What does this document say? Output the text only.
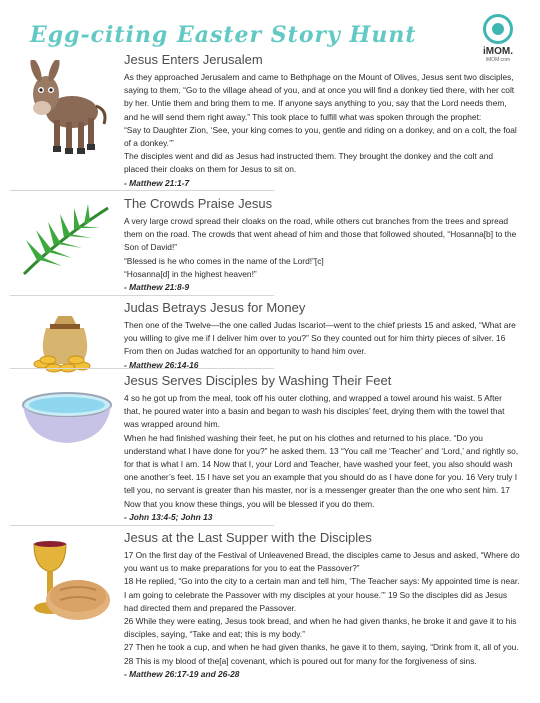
Egg-citing Easter Story Hunt
iMOM.
iMOM.com
Jesus Enters Jerusalem

As they approached Jerusalem and came to Bethphage on the Mount of Olives, Jesus sent two disciples, saying to them, “Go to the village ahead of you, and at once you will find a donkey tied there, with her colt by her. Untie them and bring them to me. If anyone says anything to you, say that the Lord needs them, and he will send them right away.” This took place to fulfill what was spoken through the prophet:

“Say to Daughter Zion, ‘See, your king comes to you, gentle and riding on a donkey, and on a colt, the foal of a donkey.’”

The disciples went and did as Jesus had instructed them. They brought the donkey and the colt and placed their cloaks on them for Jesus to sit on.

- Matthew 21:1-7

The Crowds Praise Jesus

A very large crowd spread their cloaks on the road, while others cut branches from the trees and spread them on the road. The crowds that went ahead of him and those that followed shouted, “Hosanna[b] to the Son of David!”

“Blessed is he who comes in the name of the Lord!”[c]

“Hosanna[d] in the highest heaven!”

- Matthew 21:8-9

Judas Betrays Jesus for Money

Then one of the Twelve—the one called Judas Iscariot—went to the chief priests 15 and asked, “What are you willing to give me if I deliver him over to you?” So they counted out for him thirty pieces of silver. 16 From then on Judas watched for an opportunity to hand him over.

- Matthew 26:14-16

Jesus Serves Disciples by Washing Their Feet

4 so he got up from the meal, took off his outer clothing, and wrapped a towel around his waist. 5 After that, he poured water into a basin and began to wash his disciples’ feet, drying them with the towel that was wrapped around him.

When he had finished washing their feet, he put on his clothes and returned to his place. “Do you understand what I have done for you?” he asked them. 13 “You call me ‘Teacher’ and ‘Lord,’ and rightly so, for that is what I am. 14 Now that I, your Lord and Teacher, have washed your feet, you also should wash one another’s feet. 15 I have set you an example that you should do as I have done for you. 16 Very truly I tell you, no servant is greater than his master, nor is a messenger greater than the one who sent him. 17 Now that you know these things, you will be blessed if you do them.

- John 13:4-5; John 13

Jesus at the Last Supper with the Disciples

17 On the first day of the Festival of Unleavened Bread, the disciples came to Jesus and asked, “Where do you want us to make preparations for you to eat the Passover?”

18 He replied, “Go into the city to a certain man and tell him, ‘The Teacher says: My appointed time is near. I am going to celebrate the Passover with my disciples at your house.’” 19 So the disciples did as Jesus had directed them and prepared the Passover.

26 While they were eating, Jesus took bread, and when he had given thanks, he broke it and gave it to his disciples, saying, “Take and eat; this is my body.”

27 Then he took a cup, and when he had given thanks, he gave it to them, saying, “Drink from it, all of you.

28 This is my blood of the[a] covenant, which is poured out for many for the forgiveness of sins.

- Matthew 26:17-19 and 26-28
